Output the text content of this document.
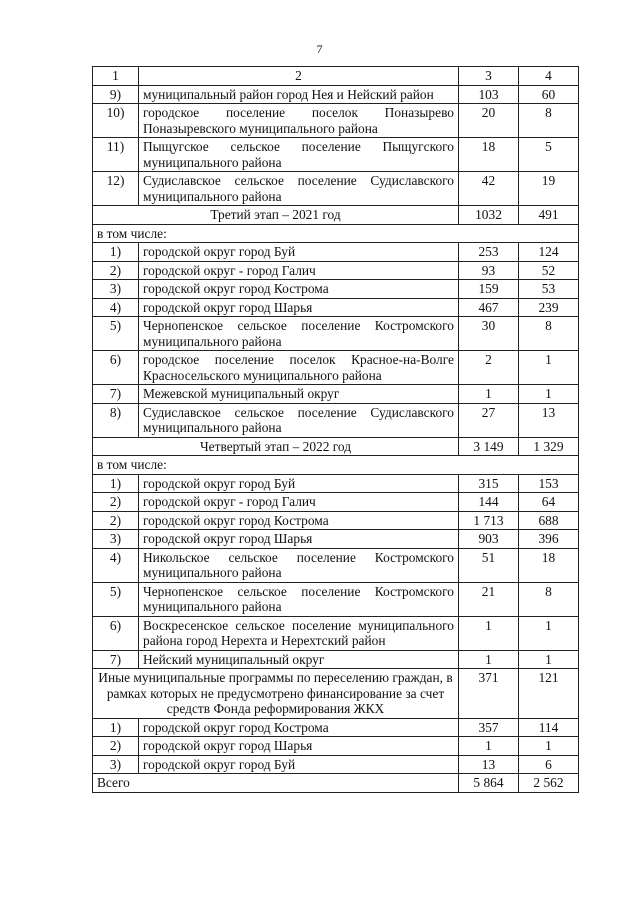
7
1	2	3	4
9)	муниципальный район город Нея и Нейский район	103	60
10)	городское поселение поселок Поназырево Поназыревского муниципального района	20	8
11)	Пыщугское сельское поселение Пыщугского муниципального района	18	5
12)	Судиславское сельское поселение Судиславского муниципального района	42	19
Третий этап – 2021 год		1032	491
в том числе:			
1)	городской округ город Буй	253	124
2)	городской округ - город Галич	93	52
3)	городской округ город Кострома	159	53
4)	городской округ город Шарья	467	239
5)	Чернопенское сельское поселение Костромского муниципального района	30	8
6)	городское поселение поселок Красное-на-Волге Красносельского муниципального района	2	1
7)	Межевской муниципальный округ	1	1
8)	Судиславское сельское поселение Судиславского муниципального района	27	13
Четвертый этап – 2022 год		3 149	1 329
в том числе:			
1)	городской округ город Буй	315	153
2)	городской округ - город Галич	144	64
2)	городской округ город Кострома	1 713	688
3)	городской округ город Шарья	903	396
4)	Никольское сельское поселение Костромского муниципального района	51	18
5)	Чернопенское сельское поселение Костромского муниципального района	21	8
6)	Воскресенское сельское поселение муниципального района город Нерехта и Нерехтский район	1	1
7)	Нейский муниципальный округ	1	1
Иные муниципальные программы по переселению граждан, в рамках которых не предусмотрено финансирование за счет средств Фонда реформирования ЖКХ		371	121
1)	городской округ город Кострома	357	114
2)	городской округ город Шарья	1	1
3)	городской округ город Буй	13	6
Всего		5 864	2 562
